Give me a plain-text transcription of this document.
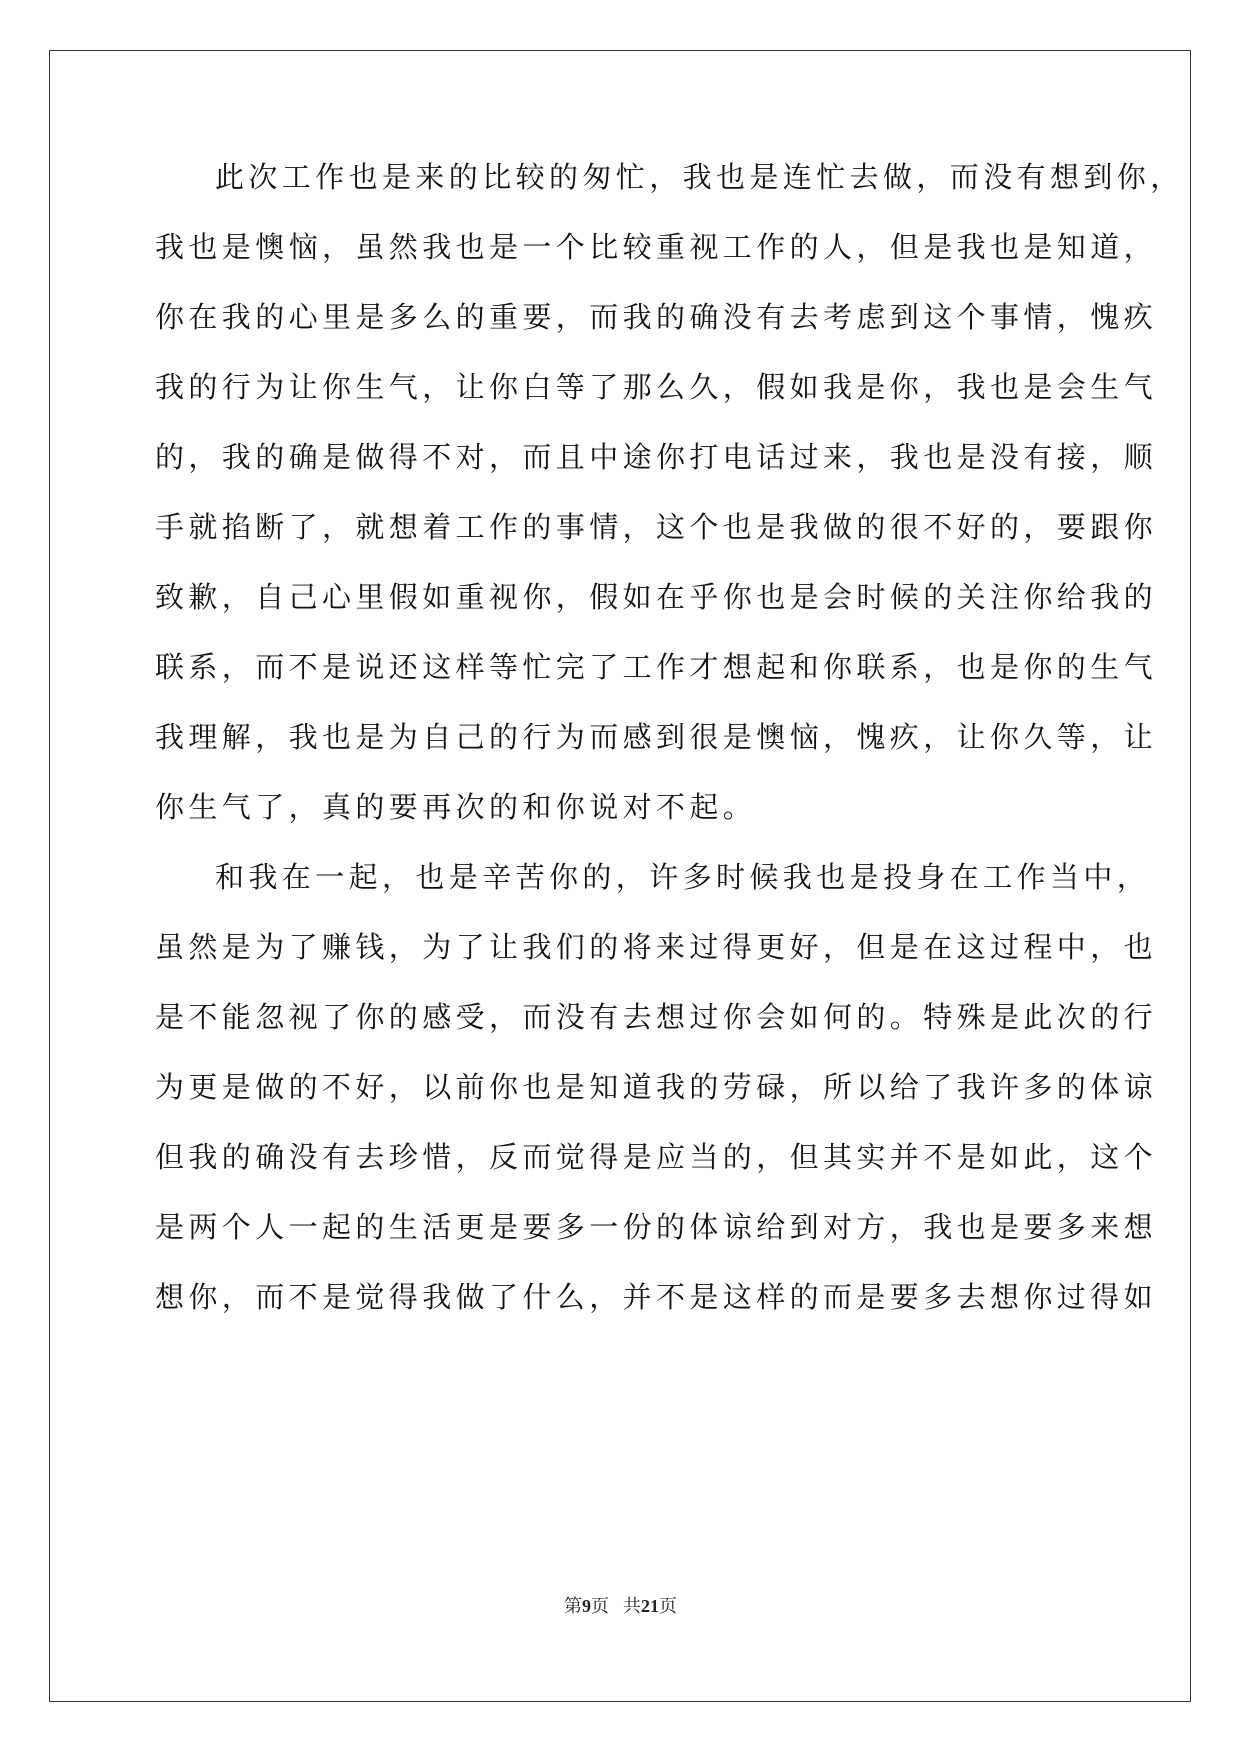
此次工作也是来的比较的匆忙，我也是连忙去做，而没有想到你，
我也是懊恼，虽然我也是一个比较重视工作的人，但是我也是知道，
你在我的心里是多么的重要，而我的确没有去考虑到这个事情，愧疚
我的行为让你生气，让你白等了那么久，假如我是你，我也是会生气
的，我的确是做得不对，而且中途你打电话过来，我也是没有接，顺
手就掐断了，就想着工作的事情，这个也是我做的很不好的，要跟你
致歉，自己心里假如重视你，假如在乎你也是会时候的关注你给我的
联系，而不是说还这样等忙完了工作才想起和你联系，也是你的生气
我理解，我也是为自己的行为而感到很是懊恼，愧疚，让你久等，让
你生气了，真的要再次的和你说对不起。
和我在一起，也是辛苦你的，许多时候我也是投身在工作当中，
虽然是为了赚钱，为了让我们的将来过得更好，但是在这过程中，也
是不能忽视了你的感受，而没有去想过你会如何的。特殊是此次的行
为更是做的不好，以前你也是知道我的劳碌，所以给了我许多的体谅
但我的确没有去珍惜，反而觉得是应当的，但其实并不是如此，这个
是两个人一起的生活更是要多一份的体谅给到对方，我也是要多来想
想你，而不是觉得我做了什么，并不是这样的而是要多去想你过得如
第9页 共21页
